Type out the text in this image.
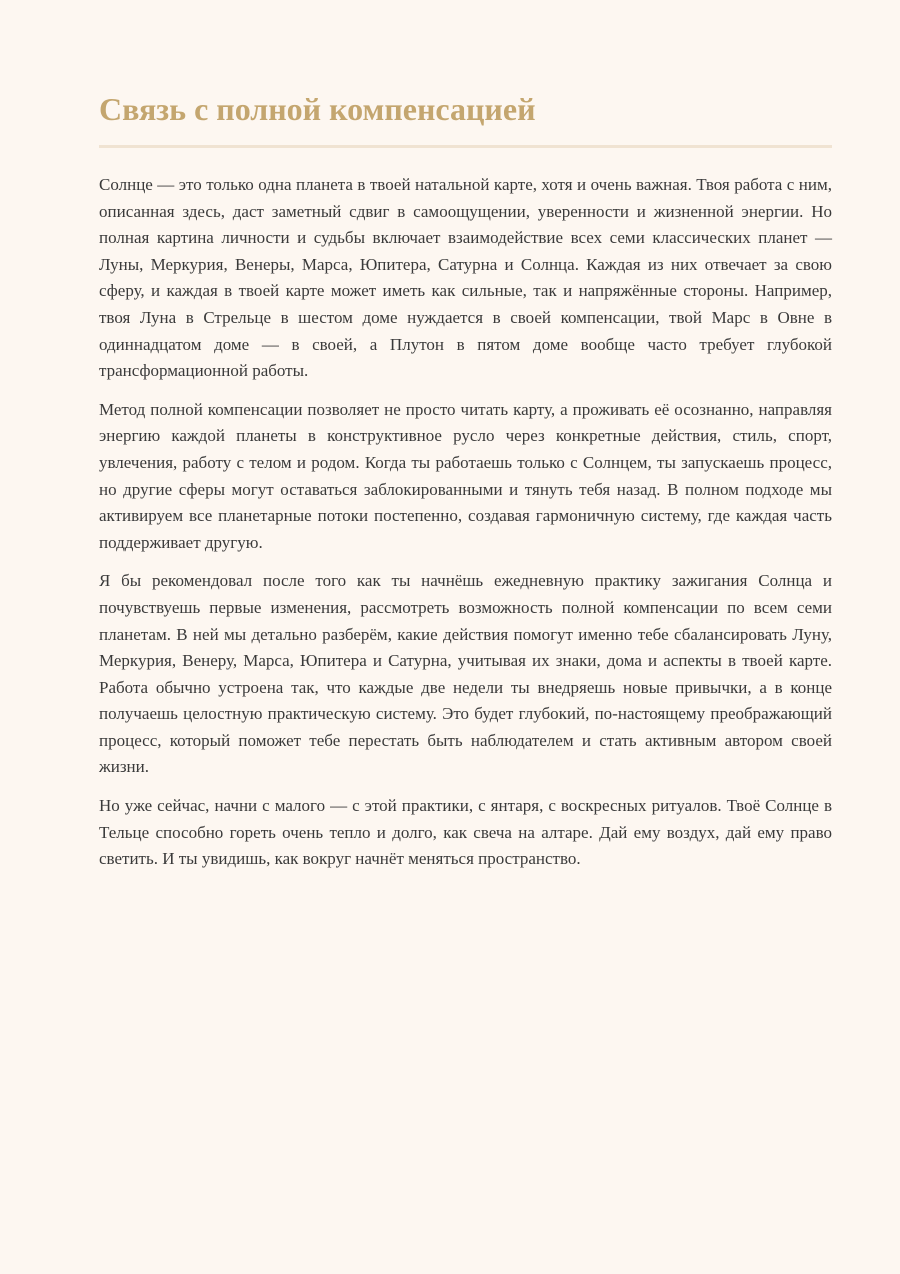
Связь с полной компенсацией

Солнце — это только одна планета в твоей натальной карте, хотя и очень важная. Твоя работа с ним, описанная здесь, даст заметный сдвиг в самоощущении, уверенности и жизненной энергии. Но полная картина личности и судьбы включает взаимодействие всех семи классических планет — Луны, Меркурия, Венеры, Марса, Юпитера, Сатурна и Солнца. Каждая из них отвечает за свою сферу, и каждая в твоей карте может иметь как сильные, так и напряжённые стороны. Например, твоя Луна в Стрельце в шестом доме нуждается в своей компенсации, твой Марс в Овне в одиннадцатом доме — в своей, а Плутон в пятом доме вообще часто требует глубокой трансформационной работы.

Метод полной компенсации позволяет не просто читать карту, а проживать её осознанно, направляя энергию каждой планеты в конструктивное русло через конкретные действия, стиль, спорт, увлечения, работу с телом и родом. Когда ты работаешь только с Солнцем, ты запускаешь процесс, но другие сферы могут оставаться заблокированными и тянуть тебя назад. В полном подходе мы активируем все планетарные потоки постепенно, создавая гармоничную систему, где каждая часть поддерживает другую.

Я бы рекомендовал после того как ты начнёшь ежедневную практику зажигания Солнца и почувствуешь первые изменения, рассмотреть возможность полной компенсации по всем семи планетам. В ней мы детально разберём, какие действия помогут именно тебе сбалансировать Луну, Меркурия, Венеру, Марса, Юпитера и Сатурна, учитывая их знаки, дома и аспекты в твоей карте. Работа обычно устроена так, что каждые две недели ты внедряешь новые привычки, а в конце получаешь целостную практическую систему. Это будет глубокий, по-настоящему преображающий процесс, который поможет тебе перестать быть наблюдателем и стать активным автором своей жизни.

Но уже сейчас, начни с малого — с этой практики, с янтаря, с воскресных ритуалов. Твоё Солнце в Тельце способно гореть очень тепло и долго, как свеча на алтаре. Дай ему воздух, дай ему право светить. И ты увидишь, как вокруг начнёт меняться пространство.
